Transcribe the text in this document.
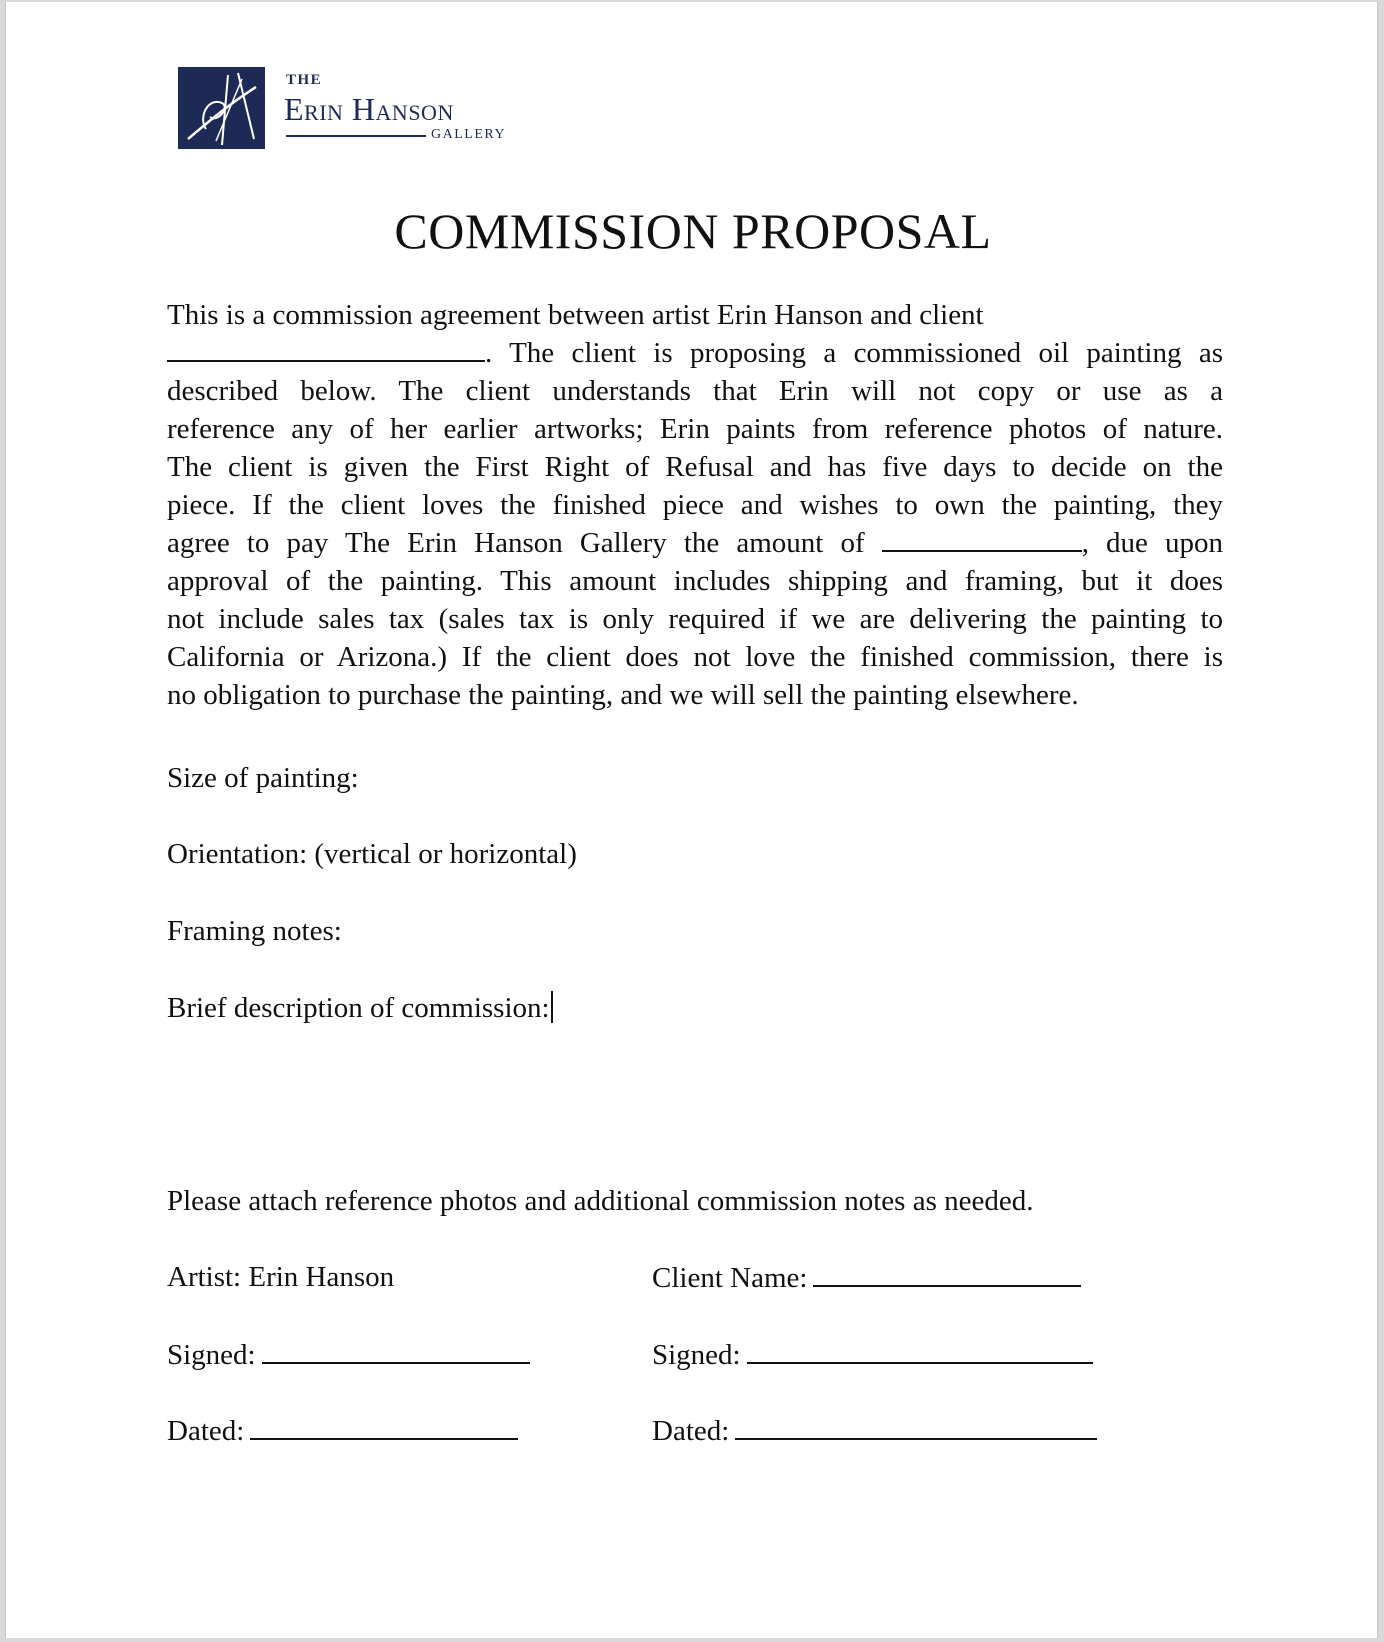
THE
Erin Hanson
GALLERY
COMMISSION PROPOSAL
This is a commission agreement between artist Erin Hanson and client
. The client is proposing a commissioned oil painting as
described below. The client understands that Erin will not copy or use as a
reference any of her earlier artworks; Erin paints from reference photos of nature.
The client is given the First Right of Refusal and has five days to decide on the
piece. If the client loves the finished piece and wishes to own the painting, they
agree to pay The Erin Hanson Gallery the amount of	, due upon
approval of the painting. This amount includes shipping and framing, but it does
not include sales tax (sales tax is only required if we are delivering the painting to
California or Arizona.) If the client does not love the finished commission, there is
no obligation to purchase the painting, and we will sell the painting elsewhere.
Size of painting:
Orientation: (vertical or horizontal)
Framing notes:
Brief description of commission:
Please attach reference photos and additional commission notes as needed.
Artist: Erin Hanson	Client Name:
Signed:	Signed:
Dated:	Dated:
